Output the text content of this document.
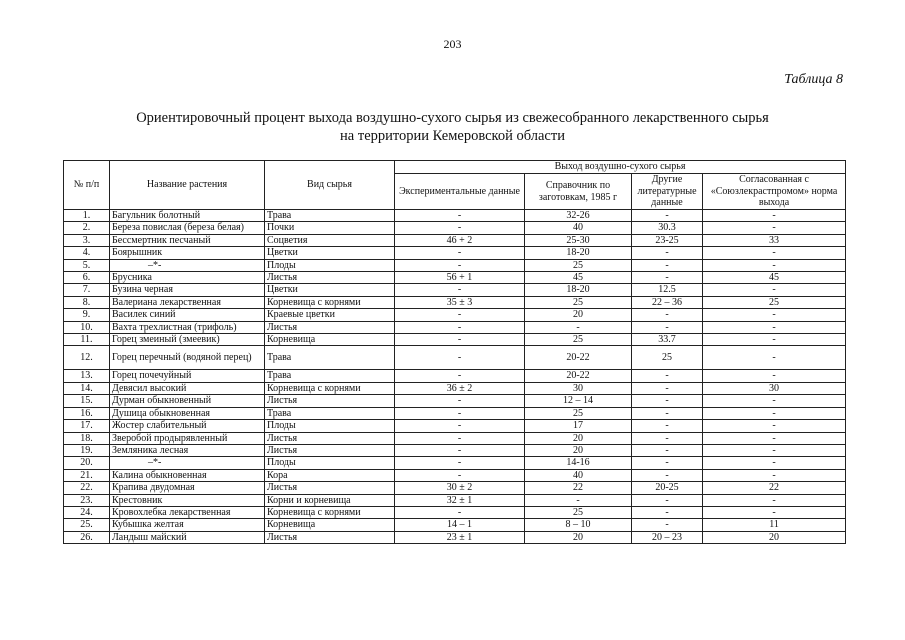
203
Таблица 8
Ориентировочный процент выхода воздушно-сухого сырья из свежесобранного лекарственного сырья
на территории Кемеровской области
№ п/п	Название растения	Вид сырья	Выход воздушно-сухого сырья			
			Экспериментальные данные	Справочник по заготовкам, 1985 г	Другие литературные данные	Согласованная с «Союзлекрастпромом» норма выхода
1.	Багульник болотный	Трава	-	32-26	-	-
2.	Береза повислая (береза белая)	Почки	-	40	30.3	-
3.	Бессмертник песчаный	Соцветия	46 + 2	25-30	23-25	33
4.	Боярышник	Цветки	-	18-20	-	-
5.	–*-	Плоды	-	25	-	-
6.	Брусника	Листья	56 + 1	45	-	45
7.	Бузина черная	Цветки	-	18-20	12.5	-
8.	Валериана лекарственная	Корневища с корнями	35 ± 3	25	22 – 36	25
9.	Василек синий	Краевые цветки	-	20	-	-
10.	Вахта трехлистная (трифоль)	Листья	-	-	-	-
11.	Горец змеиный (змеевик)	Корневища	-	25	33.7	-
12.	Горец перечный (водяной перец)	Трава	-	20-22	25	-
13.	Горец почечуйный	Трава	-	20-22	-	-
14.	Девясил высокий	Корневища с корнями	36 ± 2	30	-	30
15.	Дурман обыкновенный	Листья	-	12 – 14	-	-
16.	Душица обыкновенная	Трава	-	25	-	-
17.	Жостер слабительный	Плоды	-	17	-	-
18.	Зверобой продырявленный	Листья	-	20	-	-
19.	Земляника лесная	Листья	-	20	-	-
20.	–*-	Плоды	-	14-16	-	-
21.	Калина обыкновенная	Кора	-	40	-	-
22.	Крапива двудомная	Листья	30 ± 2	22	20-25	22
23.	Крестовник	Корни и корневища	32 ± 1	-	-	-
24.	Кровохлебка лекарственная	Корневища с корнями	-	25	-	-
25.	Кубышка желтая	Корневища	14 – 1	8 – 10	-	11
26.	Ландыш майский	Листья	23 ± 1	20	20 – 23	20
